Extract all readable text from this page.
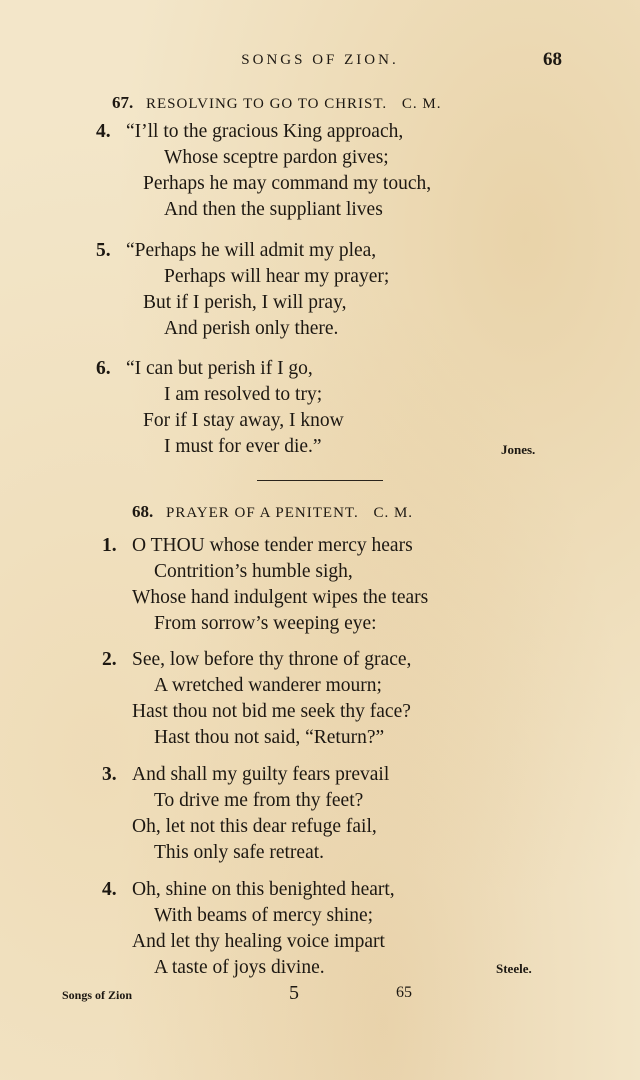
SONGS OF ZION.	68
67. RESOLVING TO GO TO CHRIST. C. M.
4. “I’ll to the gracious King approach,
Whose sceptre pardon gives;
Perhaps he may command my touch,
And then the suppliant lives
5. “Perhaps he will admit my plea,
Perhaps will hear my prayer;
But if I perish, I will pray,
And perish only there.
6. “I can but perish if I go,
I am resolved to try;
For if I stay away, I know
I must for ever die.”	Jones.
68. PRAYER OF A PENITENT. C. M.
1. O THOU whose tender mercy hears
Contrition’s humble sigh,
Whose hand indulgent wipes the tears
From sorrow’s weeping eye:
2. See, low before thy throne of grace,
A wretched wanderer mourn;
Hast thou not bid me seek thy face?
Hast thou not said, “Return?”
3. And shall my guilty fears prevail
To drive me from thy feet?
Oh, let not this dear refuge fail,
This only safe retreat.
4. Oh, shine on this benighted heart,
With beams of mercy shine;
And let thy healing voice impart
A taste of joys divine.	Steele.
Songs of Zion	5	65
